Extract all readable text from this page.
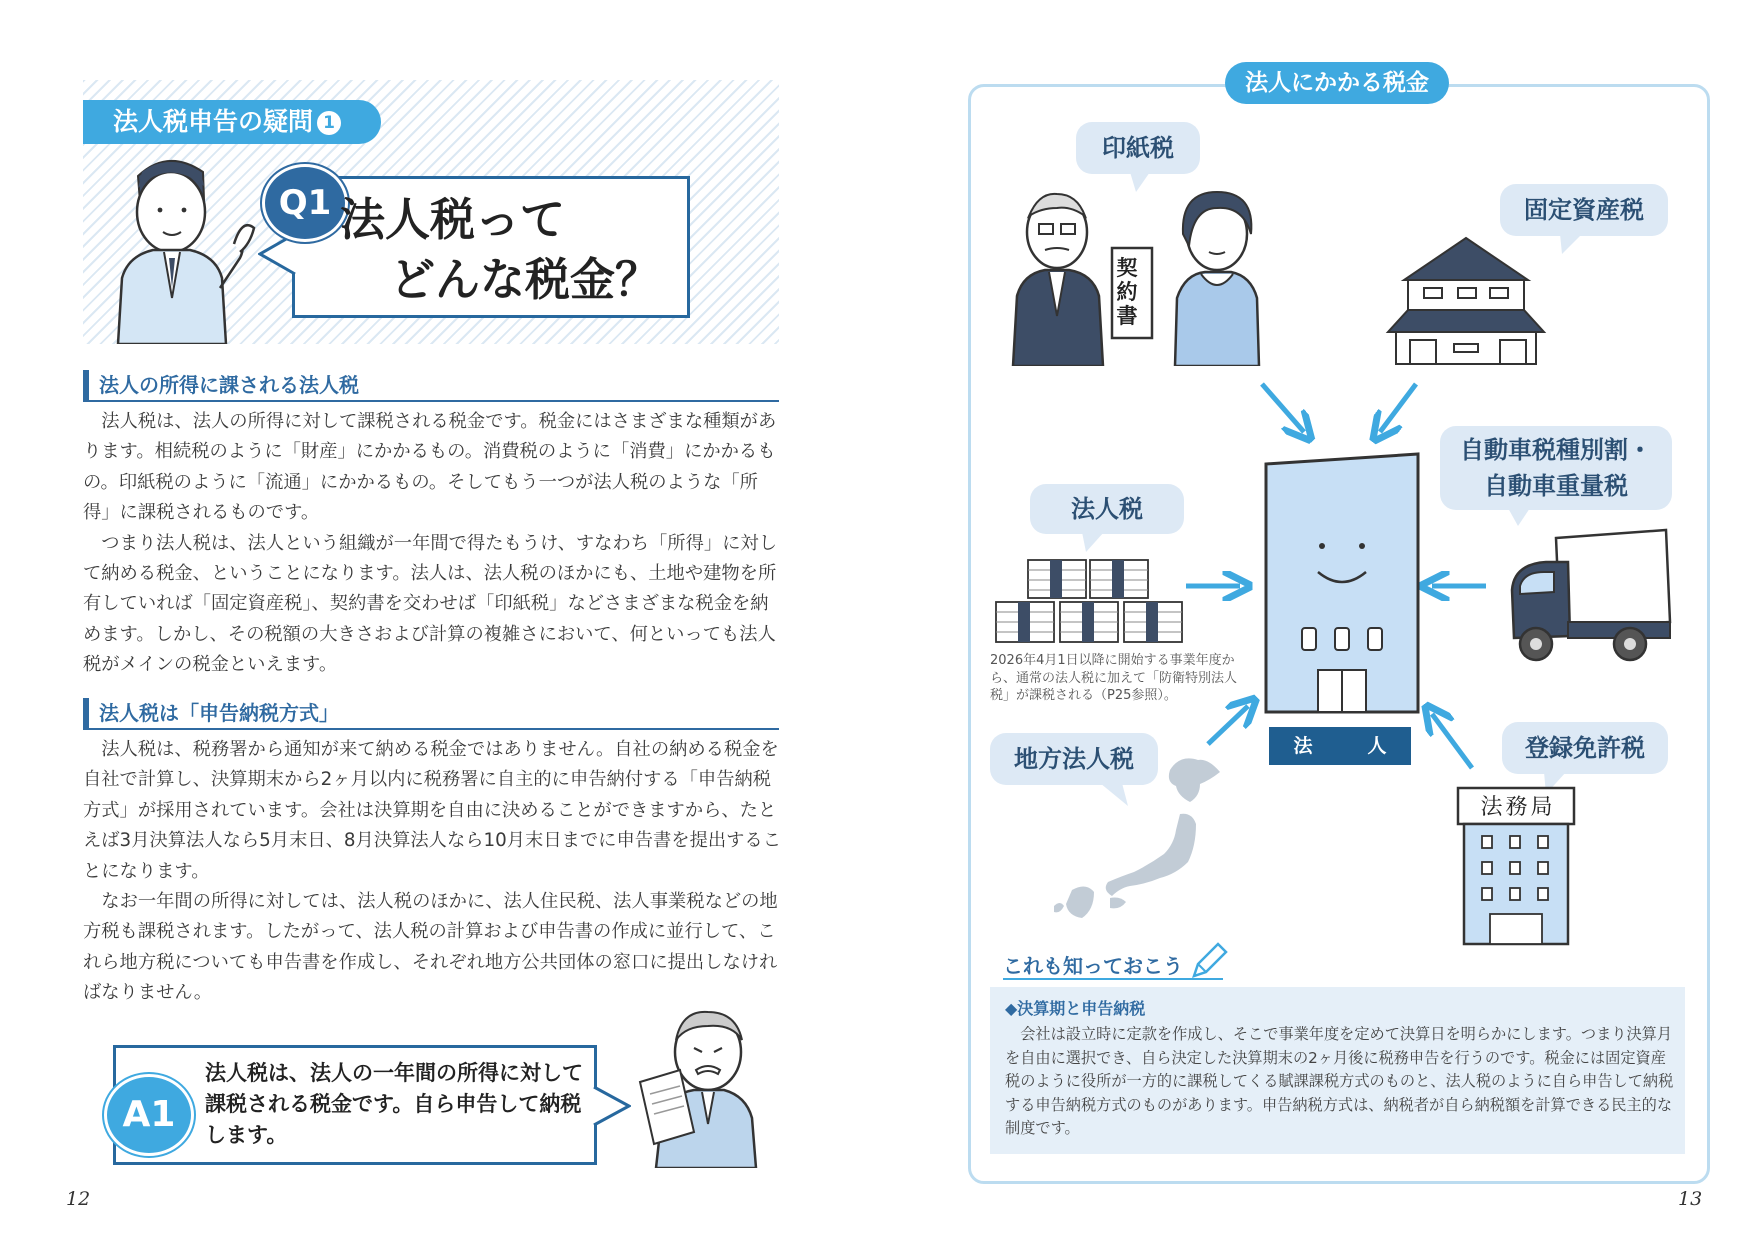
法人税申告の疑問 1
Q1 法人税って
どんな税金？
法人の所得に課される法人税

法人税は、法人の所得に対して課税される税金です。税金にはさまざまな種類があります。相続税のように「財産」にかかるもの。消費税のように「消費」にかかるもの。印紙税のように「流通」にかかるもの。そしてもう一つが法人税のような「所得」に課税されるものです。

つまり法人税は、法人という組織が一年間で得たもうけ、すなわち「所得」に対して納める税金、ということになります。法人は、法人税のほかにも、土地や建物を所有していれば「固定資産税」、契約書を交わせば「印紙税」などさまざまな税金を納めます。しかし、その税額の大きさおよび計算の複雑さにおいて、何といっても法人税がメインの税金といえます。

法人税は「申告納税方式」

法人税は、税務署から通知が来て納める税金ではありません。自社の納める税金を自社で計算し、決算期末から2ヶ月以内に税務署に自主的に申告納付する「申告納税方式」が採用されています。会社は決算期を自由に決めることができますから、たとえば3月決算法人なら5月末日、8月決算法人なら10月末日までに申告書を提出することになります。

なお一年間の所得に対しては、法人税のほかに、法人住民税、法人事業税などの地方税も課税されます。したがって、法人税の計算および申告書の作成に並行して、これら地方税についても申告書を作成し、それぞれ地方公共団体の窓口に提出しなければなりません。

A1
法人税は、法人の一年間の所得に対して課税される税金です。自ら申告して納税します。
12
法人にかかる税金
印紙税
固定資産税
自動車税種別割・
自動車重量税
法人税
地方法人税	登録免許税
契約書
法　人
2026年4月1日以降に開始する事業年度から、通常の法人税に加えて「防衛特別法人税」が課税される（P25参照）。
法務局
これも知っておこう
◆決算期と申告納税

会社は設立時に定款を作成し、そこで事業年度を定めて決算日を明らかにします。つまり決算月を自由に選択でき、自ら決定した決算期末の2ヶ月後に税務申告を行うのです。税金には固定資産税のように役所が一方的に課税してくる賦課課税方式のものと、法人税のように自ら申告して納税する申告納税方式のものがあります。申告納税方式は、納税者が自ら納税額を計算できる民主的な制度です。

13
